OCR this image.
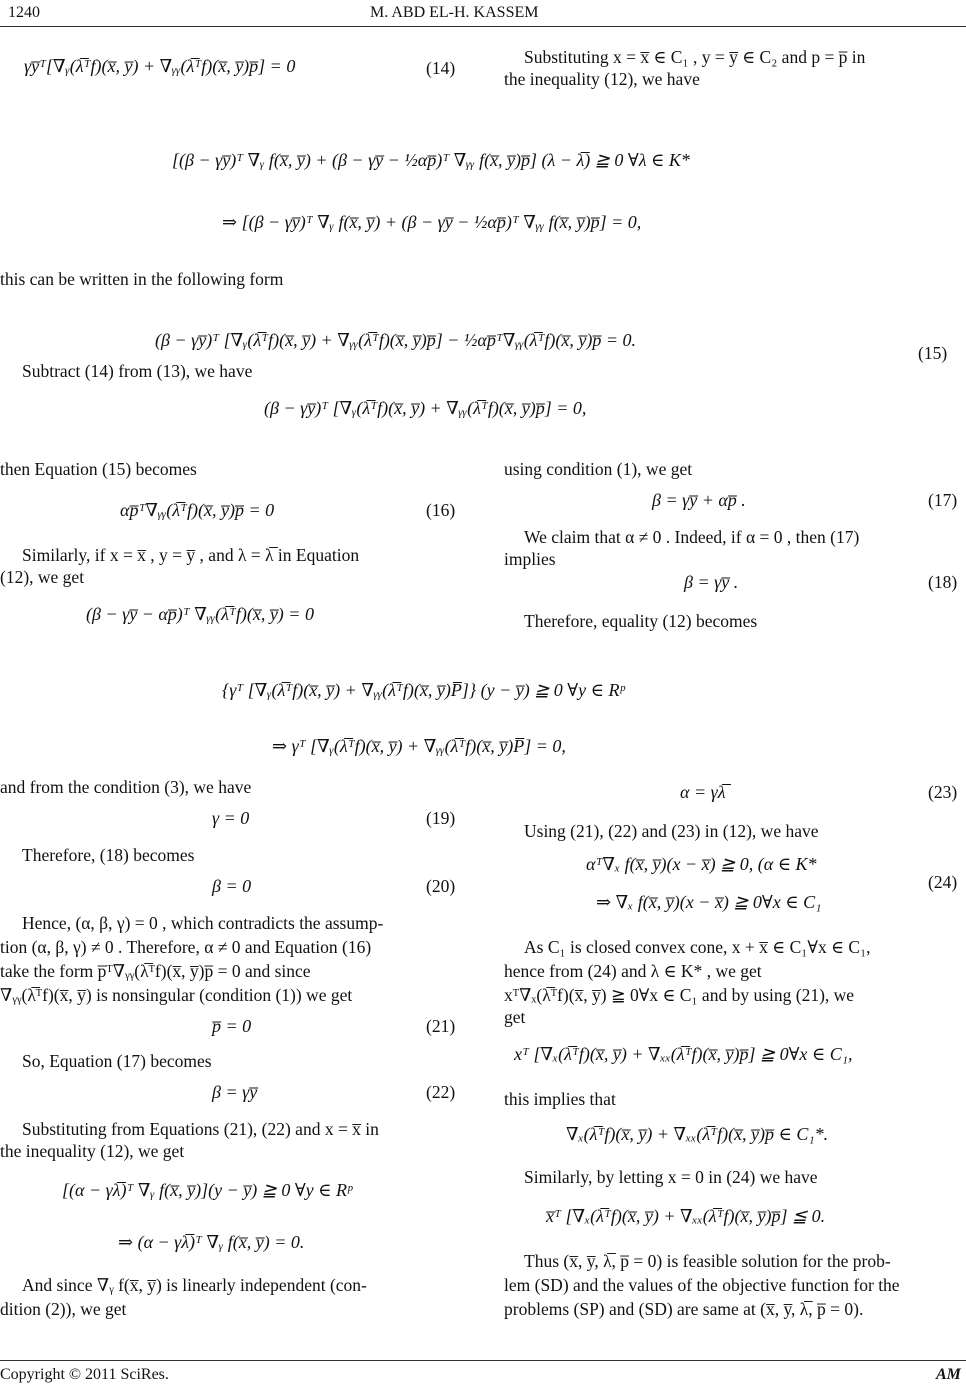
1240	M. ABD EL-H. KASSEM
γy̅ᵀ[∇ᵧ(λ̅ᵀf)(x̅, y̅) + ∇ᵧᵧ(λ̅ᵀf)(x̅, y̅)p̅] = 0	(14)
Substituting x = x̅ ∈ C₁ , y = y̅ ∈ C₂ and p = p̅ in
the inequality (12), we have
[(β − γy̅)ᵀ ∇ᵧ f(x̅, y̅) + (β − γy̅ − ½αp̅)ᵀ ∇ᵧᵧ f(x̅, y̅)p̅] (λ − λ̅) ≧ 0 ∀λ ∈ K*
⇒ [(β − γy̅)ᵀ ∇ᵧ f(x̅, y̅) + (β − γy̅ − ½αp̅)ᵀ ∇ᵧᵧ f(x̅, y̅)p̅] = 0,
this can be written in the following form
(β − γy̅)ᵀ [∇ᵧ(λ̅ᵀf)(x̅, y̅) + ∇ᵧᵧ(λ̅ᵀf)(x̅, y̅)p̅] − ½αp̅ᵀ∇ᵧᵧ(λ̅ᵀf)(x̅, y̅)p̅ = 0.
(15)
Subtract (14) from (13), we have
(β − γy̅)ᵀ [∇ᵧ(λ̅ᵀf)(x̅, y̅) + ∇ᵧᵧ(λ̅ᵀf)(x̅, y̅)p̅] = 0,
then Equation (15) becomes
αp̅ᵀ∇ᵧᵧ(λ̅ᵀf)(x̅, y̅)p̅ = 0	(16)
Similarly, if x = x̅ , y = y̅ , and λ = λ̅ in Equation
(12), we get
(β − γy̅ − αp̅)ᵀ ∇ᵧᵧ(λ̅ᵀf)(x̅, y̅) = 0
using condition (1), we get
β = γy̅ + αp̅ .	(17)
We claim that α ≠ 0 . Indeed, if α = 0 , then (17)
implies
β = γy̅ .	(18)
Therefore, equality (12) becomes
{γᵀ [∇ᵧ(λ̅ᵀf)(x̅, y̅) + ∇ᵧᵧ(λ̅ᵀf)(x̅, y̅)P̅]} (y − y̅) ≧ 0 ∀y ∈ Rᵖ
⇒ γᵀ [∇ᵧ(λ̅ᵀf)(x̅, y̅) + ∇ᵧᵧ(λ̅ᵀf)(x̅, y̅)P̅] = 0,
and from the condition (3), we have
γ = 0	(19)
Therefore, (18) becomes
β = 0	(20)
Hence, (α, β, γ) = 0 , which contradicts the assump-
tion (α, β, γ) ≠ 0 . Therefore, α ≠ 0 and Equation (16)
take the form p̅ᵀ∇ᵧᵧ(λ̅ᵀf)(x̅, y̅)p̅ = 0 and since
∇ᵧᵧ(λ̅ᵀf)(x̅, y̅) is nonsingular (condition (1)) we get
p̅ = 0	(21)
So, Equation (17) becomes
β = γy̅	(22)
Substituting from Equations (21), (22) and x = x̅ in
the inequality (12), we get
[(α − γλ̅)ᵀ ∇ᵧ f(x̅, y̅)](y − y̅) ≧ 0 ∀y ∈ Rᵖ
⇒ (α − γλ̅)ᵀ ∇ᵧ f(x̅, y̅) = 0.
And since ∇ᵧ f(x̅, y̅) is linearly independent (con-
dition (2)), we get
α = γλ̅	(23)
Using (21), (22) and (23) in (12), we have
αᵀ∇ₓ f(x̅, y̅)(x − x̅) ≧ 0, (α ∈ K*
⇒ ∇ₓ f(x̅, y̅)(x − x̅) ≧ 0∀x ∈ C₁
(24)
As C₁ is closed convex cone, x + x̅ ∈ C₁∀x ∈ C₁,
hence from (24) and λ ∈ K* , we get
xᵀ∇ₓ(λ̅ᵀf)(x̅, y̅) ≧ 0∀x ∈ C₁ and by using (21), we
get
xᵀ [∇ₓ(λ̅ᵀf)(x̅, y̅) + ∇ₓₓ(λ̅ᵀf)(x̅, y̅)p̅] ≧ 0∀x ∈ C₁,
this implies that
∇ₓ(λ̅ᵀf)(x̅, y̅) + ∇ₓₓ(λ̅ᵀf)(x̅, y̅)p̅ ∈ C₁*.
Similarly, by letting x = 0 in (24) we have
x̅ᵀ [∇ₓ(λ̅ᵀf)(x̅, y̅) + ∇ₓₓ(λ̅ᵀf)(x̅, y̅)p̅] ≦ 0.
Thus (x̅, y̅, λ̅, p̅ = 0) is feasible solution for the prob-
lem (SD) and the values of the objective function for the
problems (SP) and (SD) are same at (x̅, y̅, λ̅, p̅ = 0).
Copyright © 2011 SciRes.	AM
